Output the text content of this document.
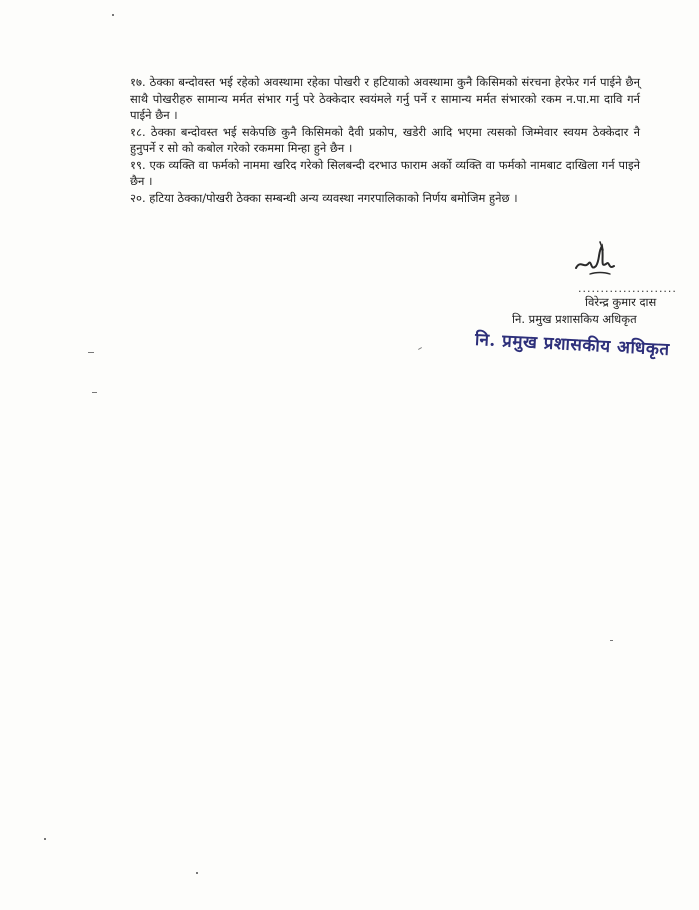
१७. ठेक्का बन्दोवस्त भई रहेको अवस्थामा रहेका पोखरी र हटियाको अवस्थामा कुनै किसिमको संरचना हेरफेर गर्न पाईने छैन् साथै पोखरीहरु सामान्य मर्मत संभार गर्नु परे ठेक्केदार स्वयंमले गर्नु पर्ने र सामान्य मर्मत संभारको रकम न.पा.मा दावि गर्न पाईने छैन ।

१८. ठेक्का बन्दोवस्त भई सकेपछि कुनै किसिमको दैवी प्रकोप, खडेरी आदि भएमा त्यसको जिम्मेवार स्वयम ठेक्केदार नै हुनुपर्ने र सो को कबोल गरेको रकममा मिन्हा हुने छैन ।

१९. एक व्यक्ति वा फर्मको नाममा खरिद गरेको सिलबन्दी दरभाउ फाराम अर्को व्यक्ति वा फर्मको नामबाट दाखिला गर्न पाइने छैन ।

२०. हटिया ठेक्का/पोखरी ठेक्का सम्बन्धी अन्य व्यवस्था नगरपालिकाको निर्णय बमोजिम हुनेछ ।

......................
विरेन्द्र कुमार दास
नि. प्रमुख प्रशासकिय अधिकृत
नि. प्रमुख प्रशासकीय अधिकृत
